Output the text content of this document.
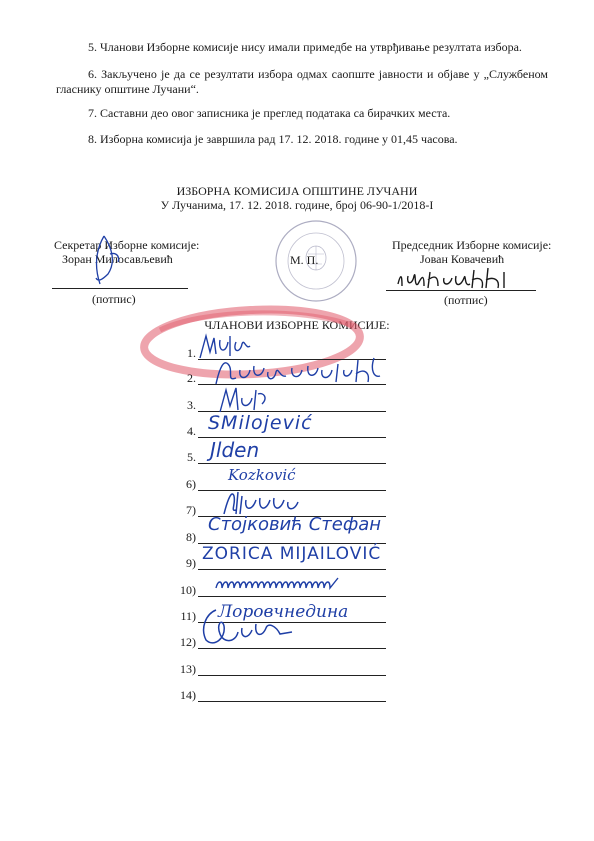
5. Чланови Изборне комисије нису имали примедбе на утврђивање резултата избора.
6. Закључено је да се резултати избора одмах саопште јавности и објаве у „Службеном гласнику општине Лучани“.
7. Саставни део овог записника је преглед података са бирачких места.
8. Изборна комисија је завршила рад 17. 12. 2018. године у 01,45 часова.
ИЗБОРНА КОМИСИЈА ОПШТИНЕ ЛУЧАНИ
У Лучанима, 17. 12. 2018. године, број 06-90-1/2018-I
Секретар Изборне комисије:
Зоран Милосављевић
(потпис)
М. П.
Председник Изборне комисије:
Јован Ковачевић
(потпис)
ЧЛАНОВИ ИЗБОРНЕ КОМИСИЈЕ:
1.
2.
3.
4.
5.
6)
7)
8)
9)
10)
11)
12)
13)
14)
SMilojević
Jlden
Kozković
Стојковић Стефан
ZORICA MIJAILOVIĆ
Лоровчнедина
